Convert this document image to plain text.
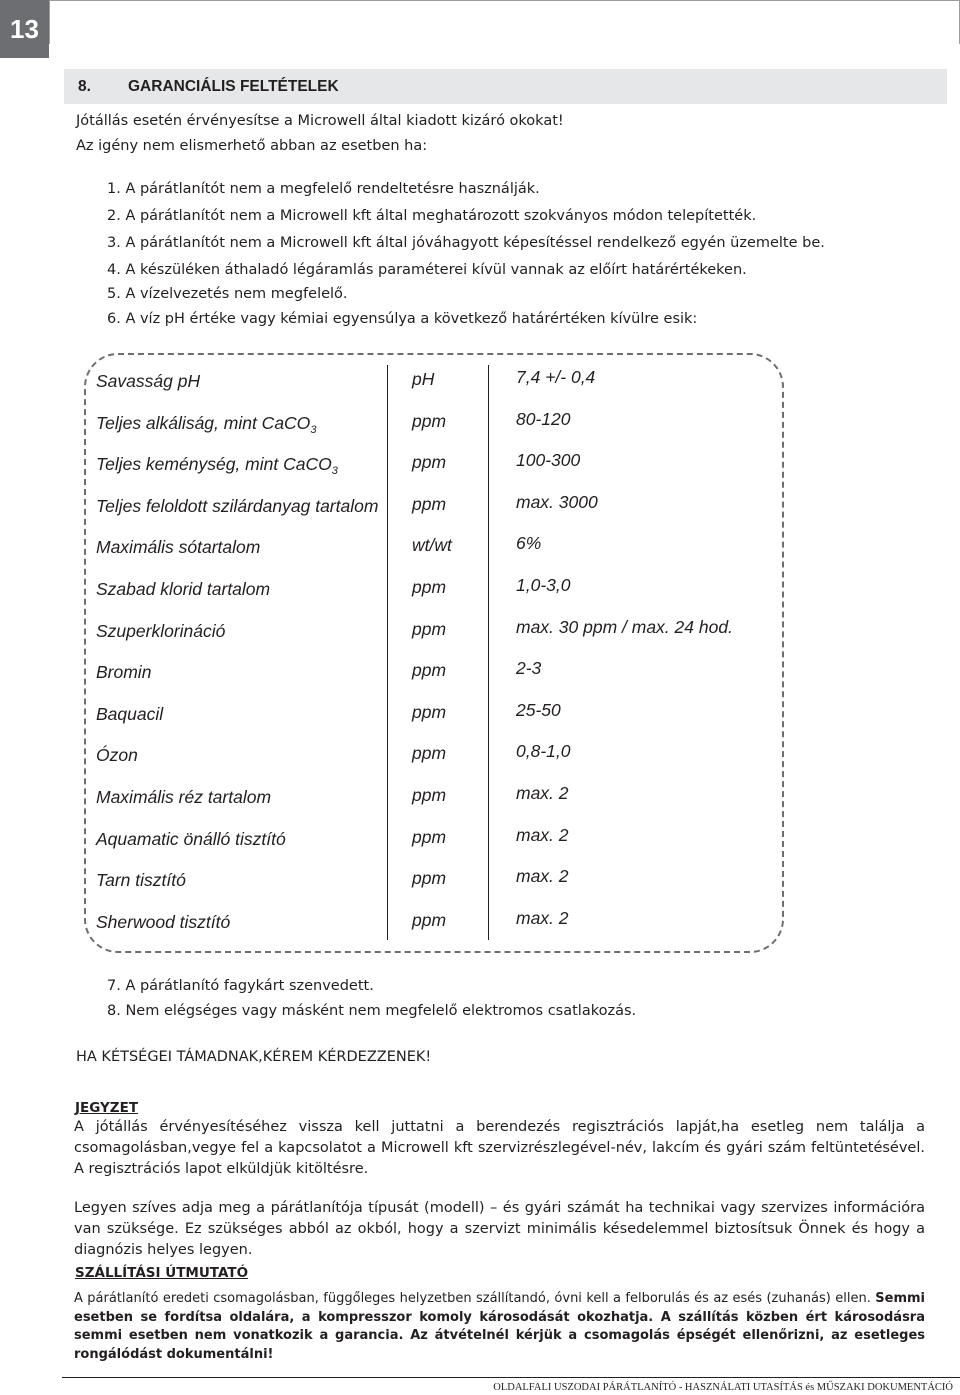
13
8.	GARANCIÁLIS FELTÉTELEK
Jótállás esetén érvényesítse a Microwell által kiadott kizáró okokat!
Az igény nem elismerhető abban az esetben ha:
1. A párátlanítót nem a megfelelő rendeltetésre használják.
2. A párátlanítót nem a Microwell kft által meghatározott szokványos módon telepítették.
3. A párátlanítót nem a Microwell kft által jóváhagyott képesítéssel rendelkező egyén üzemelte be.
4. A készüléken áthaladó légáramlás paraméterei kívül vannak az előírt határértékeken.
5. A vízelvezetés nem megfelelő.
6. A víz pH értéke vagy kémiai egyensúlya a következő határértéken kívülre esik:
Savasság pH	pH	7,4 +/- 0,4
Teljes alkáliság, mint CaCO$_3$	ppm	80-120
Teljes keménység, mint CaCO$_3$	ppm	100-300
Teljes feloldott szilárdanyag tartalom ppm	max. 3000
Maximális sótartalom	wt/wt	6%
Szabad klorid tartalom	ppm	1,0-3,0
Szuperklorináció	ppm	max. 30 ppm / max. 24 hod.
Bromin	ppm	2-3
Baquacil	ppm	25-50
Ózon	ppm	0,8-1,0
Maximális réz tartalom	ppm	max. 2
Aquamatic önálló tisztító	ppm	max. 2
Tarn tisztító	ppm	max. 2
Sherwood tisztító	ppm	max. 2
7. A párátlanító fagykárt szenvedett.
8. Nem elégséges vagy másként nem megfelelő elektromos csatlakozás.
HA KÉTSÉGEI TÁMADNAK,KÉREM KÉRDEZZENEK!
JEGYZET
A jótállás érvényesítéséhez vissza kell juttatni a berendezés regisztrációs lapját,ha esetleg nem találja a csomagolásban,vegye fel a kapcsolatot a Microwell kft szervizrészlegével-név, lakcím és gyári szám feltüntetésével. A regisztrációs lapot elküldjük kitöltésre.
Legyen szíves adja meg a párátlanítója típusát (modell) – és gyári számát ha technikai vagy szervizes információra van szüksége. Ez szükséges abból az okból, hogy a szervizt minimális késedelemmel biztosítsuk Önnek és hogy a diagnózis helyes legyen.
SZÁLLÍTÁSI ÚTMUTATÓ
A párátlanító eredeti csomagolásban, függőleges helyzetben szállítandó, óvni kell a felborulás és az esés (zuhanás) ellen. Semmi esetben se fordítsa oldalára, a kompresszor komoly károsodását okozhatja. A szállítás közben ért károsodásra semmi esetben nem vonatkozik a garancia. Az átvételnél kérjük a csomagolás épségét ellenőrizni, az esetleges rongálódást dokumentálni!
OLDALFALI USZODAI PÁRÁTLANÍTÓ - HASZNÁLATI UTASÍTÁS és MŰSZAKI DOKUMENTÁCIÓ
